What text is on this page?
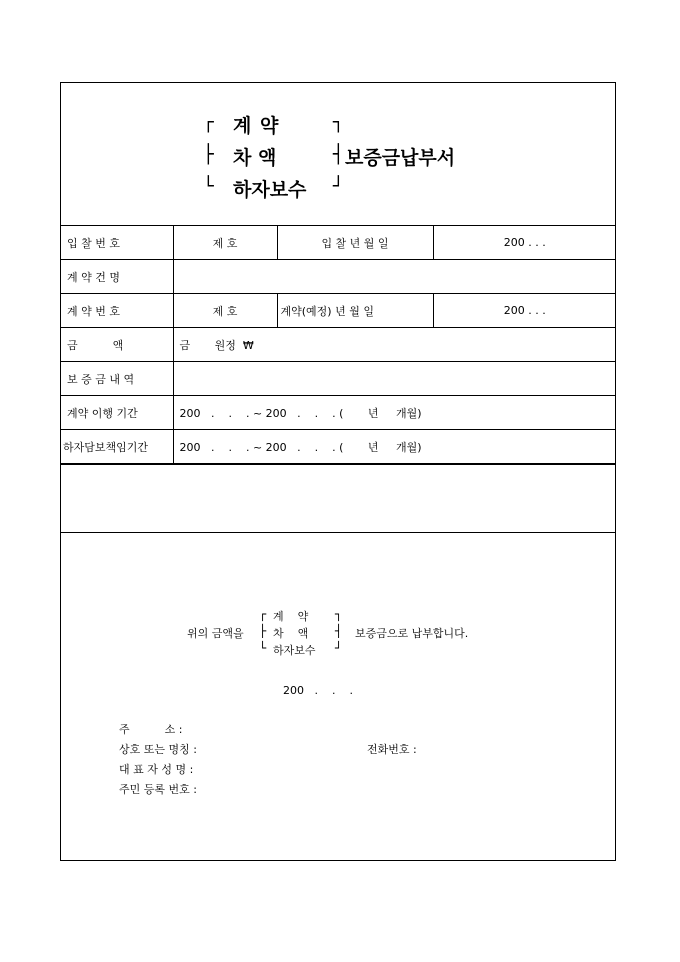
┌ 계 약	┐
├ 차 액	┤ 보증금납부서
└ 하자보수 ┘
입 찰 번 호	제 호	입 찰 년 월 일	200 . . .
계 약 건 명			
계 약 번 호	제 호	계약(예정) 년 월 일	200 . . .
금          액	금       원정  ₩		
보 증 금 내 역			
계약 이행 기간	200   .    .    . ~ 200   .    .    . (       년     개월)		
하자담보책임기간	200   .    .    . ~ 200   .    .    . (       년     개월)		
위의 금액을
┌
├
└
계    약
차    액
하자보수
┐
┤
┘
보증금으로 납부합니다.
200   .    .    .
주          소 :
상호 또는 명칭 :	전화번호 :
대 표 자 성 명 :
주민 등록 번호 :
